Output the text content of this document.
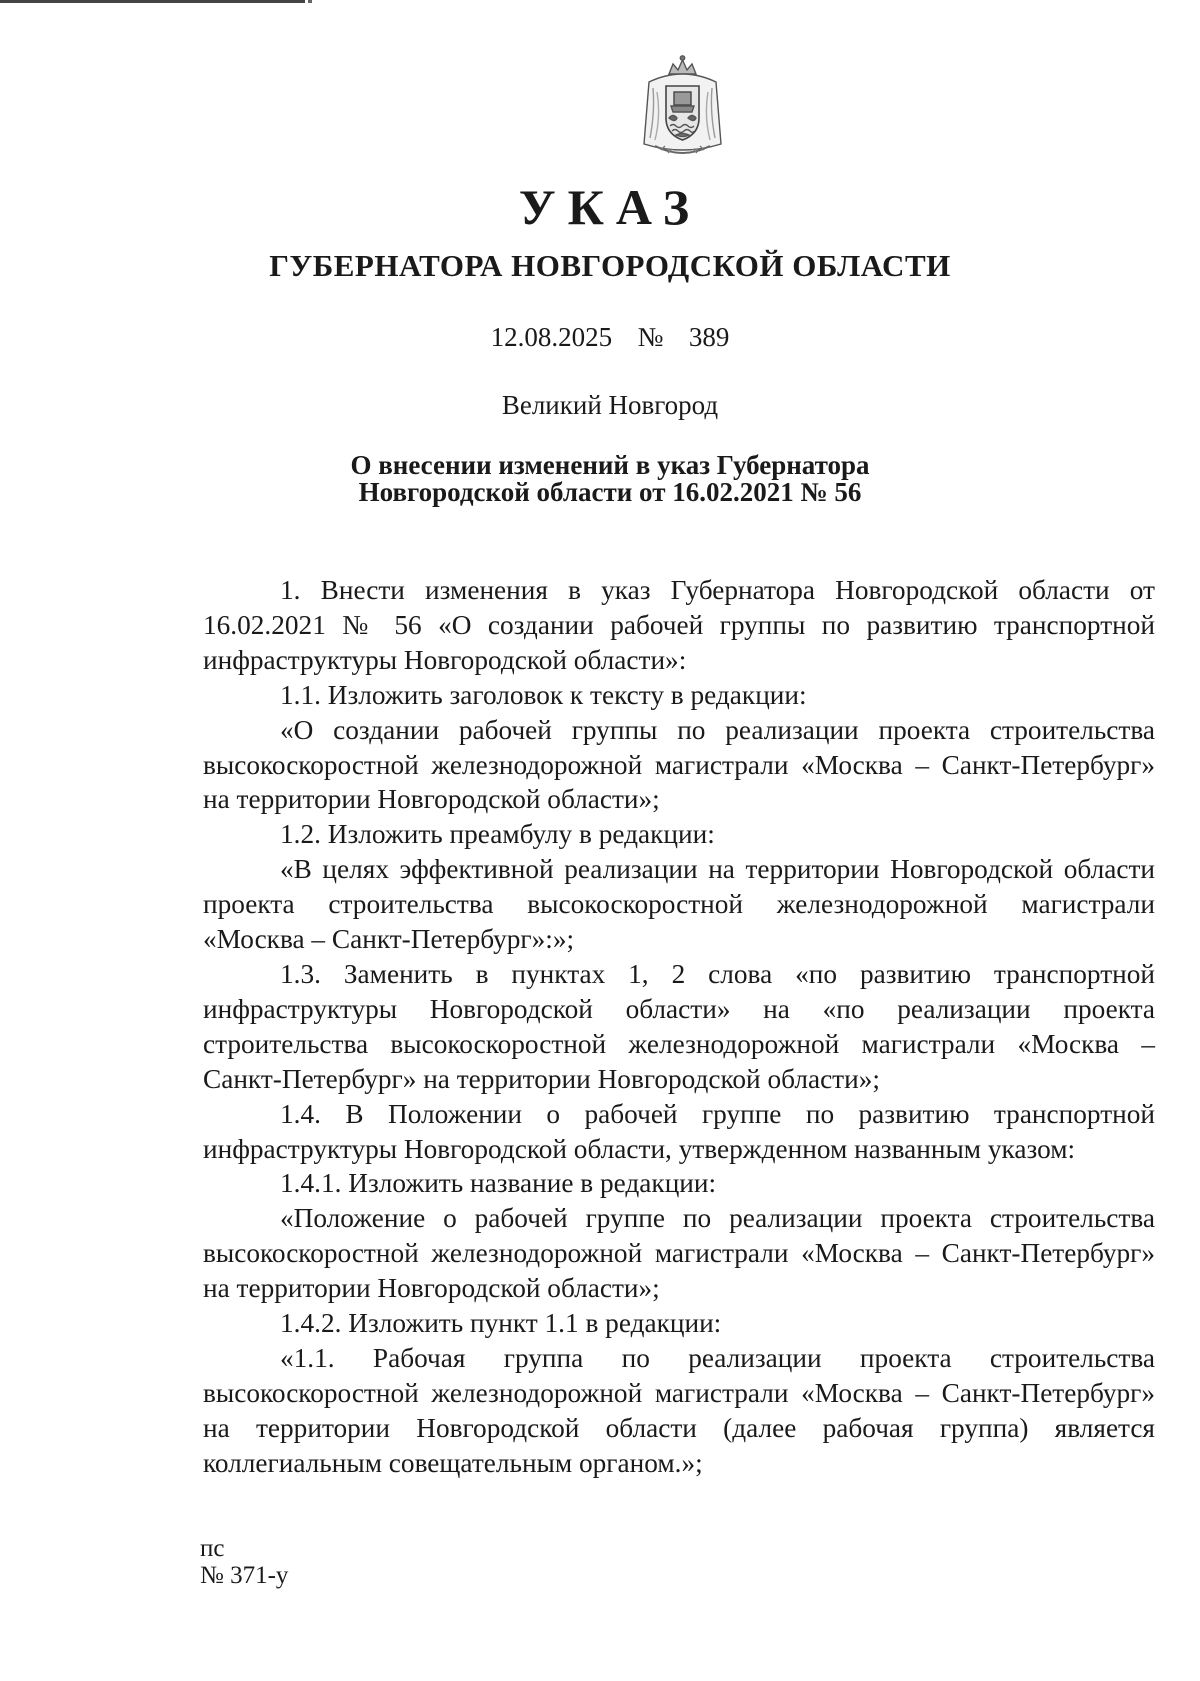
УКАЗ
ГУБЕРНАТОРА НОВГОРОДСКОЙ ОБЛАСТИ
12.08.2025  №  389
Великий Новгород
О внесении изменений в указ Губернатора
Новгородской области от 16.02.2021 № 56

1. Внести изменения в указ Губернатора Новгородской области от 16.02.2021 № 56 «О создании рабочей группы по развитию транспортной инфраструктуры Новгородской области»:

1.1. Изложить заголовок к тексту в редакции:

«О создании рабочей группы по реализации проекта строительства высокоскоростной железнодорожной магистрали «Москва – Санкт-Петербург» на территории Новгородской области»;

1.2. Изложить преамбулу в редакции:

«В целях эффективной реализации на территории Новгородской области проекта строительства высокоскоростной железнодорожной магистрали «Москва – Санкт-Петербург»:»;

1.3. Заменить в пунктах 1, 2 слова «по развитию транспортной инфраструктуры Новгородской области» на «по реализации проекта строительства высокоскоростной железнодорожной магистрали «Москва – Санкт-Петербург» на территории Новгородской области»;

1.4. В Положении о рабочей группе по развитию транспортной инфраструктуры Новгородской области, утвержденном названным указом:

1.4.1. Изложить название в редакции:

«Положение о рабочей группе по реализации проекта строительства высокоскоростной железнодорожной магистрали «Москва – Санкт-Петербург» на территории Новгородской области»;

1.4.2. Изложить пункт 1.1 в редакции:

«1.1. Рабочая группа по реализации проекта строительства высокоскоростной железнодорожной магистрали «Москва – Санкт-Петербург» на территории Новгородской области (далее рабочая группа) является коллегиальным совещательным органом.»;

пс
№ 371-у
